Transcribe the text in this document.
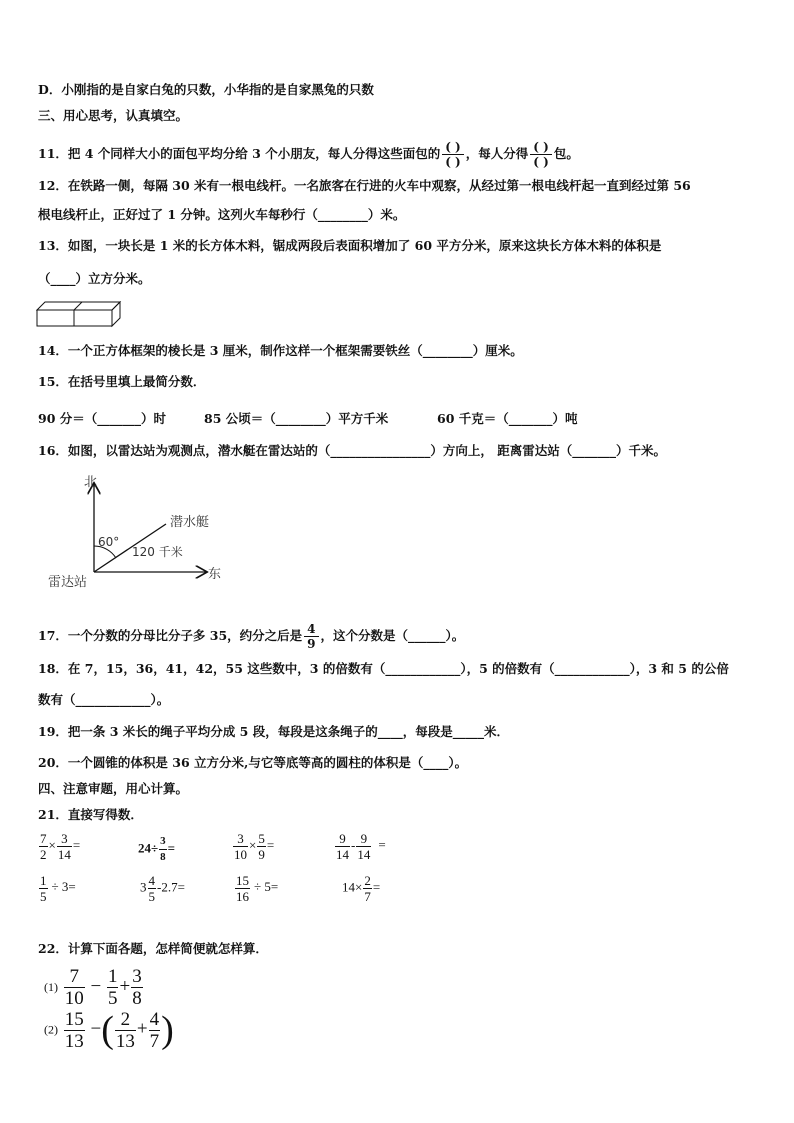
D．小刚指的是自家白兔的只数，小华指的是自家黑兔的只数
三、用心思考，认真填空。
11．把 4 个同样大小的面包平均分给 3 个小朋友，每人分得这些面包的 $\frac{( )}{( )}$ ，每人分得 $\frac{( )}{( )}$ 包。
12．在铁路一侧，每隔 30 米有一根电线杆。一名旅客在行进的火车中观察，从经过第一根电线杆起一直到经过第 56
根电线杆止，正好过了 1 分钟。这列火车每秒行（________）米。
13．如图，一块长是 1 米的长方体木料，锯成两段后表面积增加了 60 平方分米，原来这块长方体木料的体积是
（____）立方分米。
14．一个正方体框架的棱长是 3 厘米，制作这样一个框架需要铁丝（________）厘米。
15．在括号里填上最简分数．
90 分＝（_______）时	85 公顷＝（________）平方千米	60 千克＝（_______）吨
16．如图，以雷达站为观测点，潜水艇在雷达站的（________________）方向上， 距离雷达站（_______）千米。
北
东
雷达站
潜水艇
60°
120 千米
17．一个分数的分母比分子多 35，约分之后是 $\frac{4}{9}$ ，这个分数是（______）。
18．在 7，15，36，41，42，55 这些数中，3 的倍数有（____________），5 的倍数有（____________），3 和 5 的公倍
数有（____________）。
19．把一条 3 米长的绳子平均分成 5 段，每段是这条绳子的____，每段是_____米．
20．一个圆锥的体积是 36 立方分米,与它等底等高的圆柱的体积是（____）。
四、注意审题，用心计算。
21．直接写得数．
$\frac{7}{2} \times \frac{3}{14}$ =	$24\div \frac{3}{8}$ =	$\frac{3}{10} \times \frac{5}{9}$ =	$\frac{9}{14} - \frac{9}{14}$ =
$\frac{1}{5} \div 3=$	$3 \frac{4}{5} -2.7=$	$\frac{15}{16} \div 5=$	$14\times \frac{2}{7}$ =
22．计算下面各题，怎样简便就怎样算．
$(1) \frac{7}{10} - \frac{1}{5} + \frac{3}{8}$
$(2) \frac{15}{13}$ −( $\frac{2}{13} + \frac{4}{7}$ )
